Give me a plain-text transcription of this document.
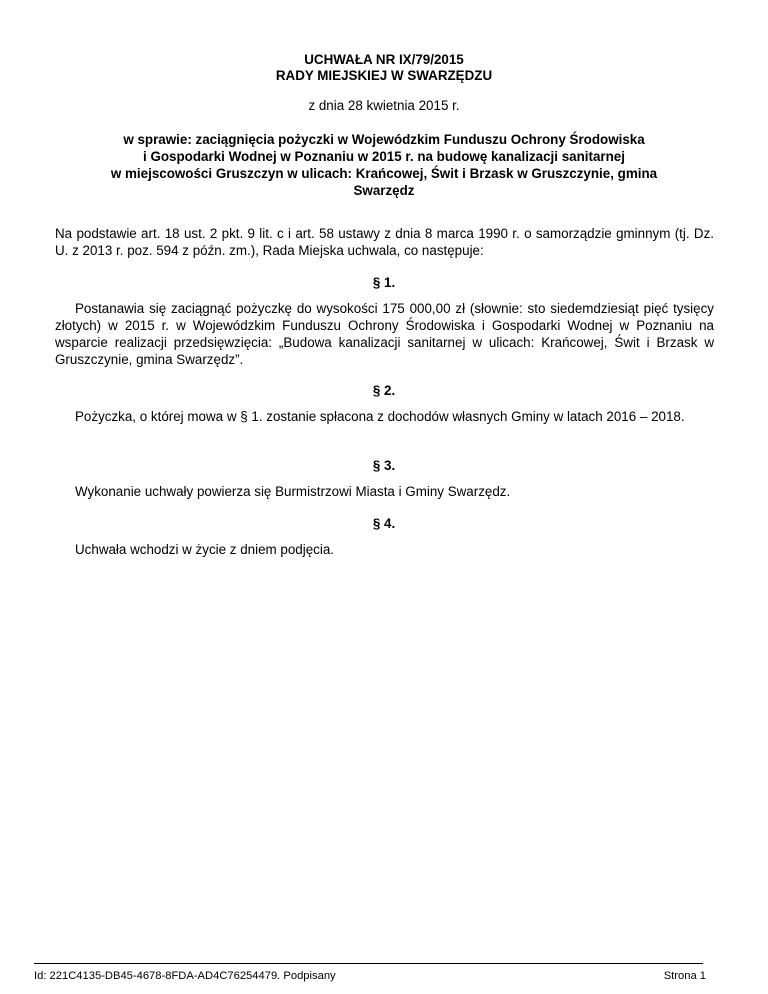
UCHWAŁA NR IX/79/2015
RADY MIEJSKIEJ W SWARZĘDZU
z dnia 28 kwietnia 2015 r.
w sprawie: zaciągnięcia pożyczki w Wojewódzkim Funduszu Ochrony Środowiska
i Gospodarki Wodnej w Poznaniu w 2015 r. na budowę kanalizacji sanitarnej
w miejscowości Gruszczyn w ulicach: Krańcowej, Świt i Brzask w Gruszczynie, gmina
Swarzędz
Na podstawie art. 18 ust. 2 pkt. 9 lit. c i art. 58 ustawy z dnia 8 marca 1990 r. o samorządzie gminnym (tj. Dz. U. z 2013 r. poz. 594 z późn. zm.), Rada Miejska uchwala, co następuje:
§ 1.
Postanawia się zaciągnąć pożyczkę do wysokości 175 000,00 zł (słownie: sto siedemdziesiąt pięć tysięcy złotych) w 2015 r. w Wojewódzkim Funduszu Ochrony Środowiska i Gospodarki Wodnej w Poznaniu na wsparcie realizacji przedsięwzięcia: „Budowa kanalizacji sanitarnej w ulicach: Krańcowej, Świt i Brzask w Gruszczynie, gmina Swarzędz”.
§ 2.
Pożyczka, o której mowa w § 1. zostanie spłacona z dochodów własnych Gminy w latach 2016 – 2018.
§ 3.
Wykonanie uchwały powierza się Burmistrzowi Miasta i Gminy Swarzędz.
§ 4.
Uchwała wchodzi w życie z dniem podjęcia.
Id: 221C4135-DB45-4678-8FDA-AD4C76254479. Podpisany	Strona 1
